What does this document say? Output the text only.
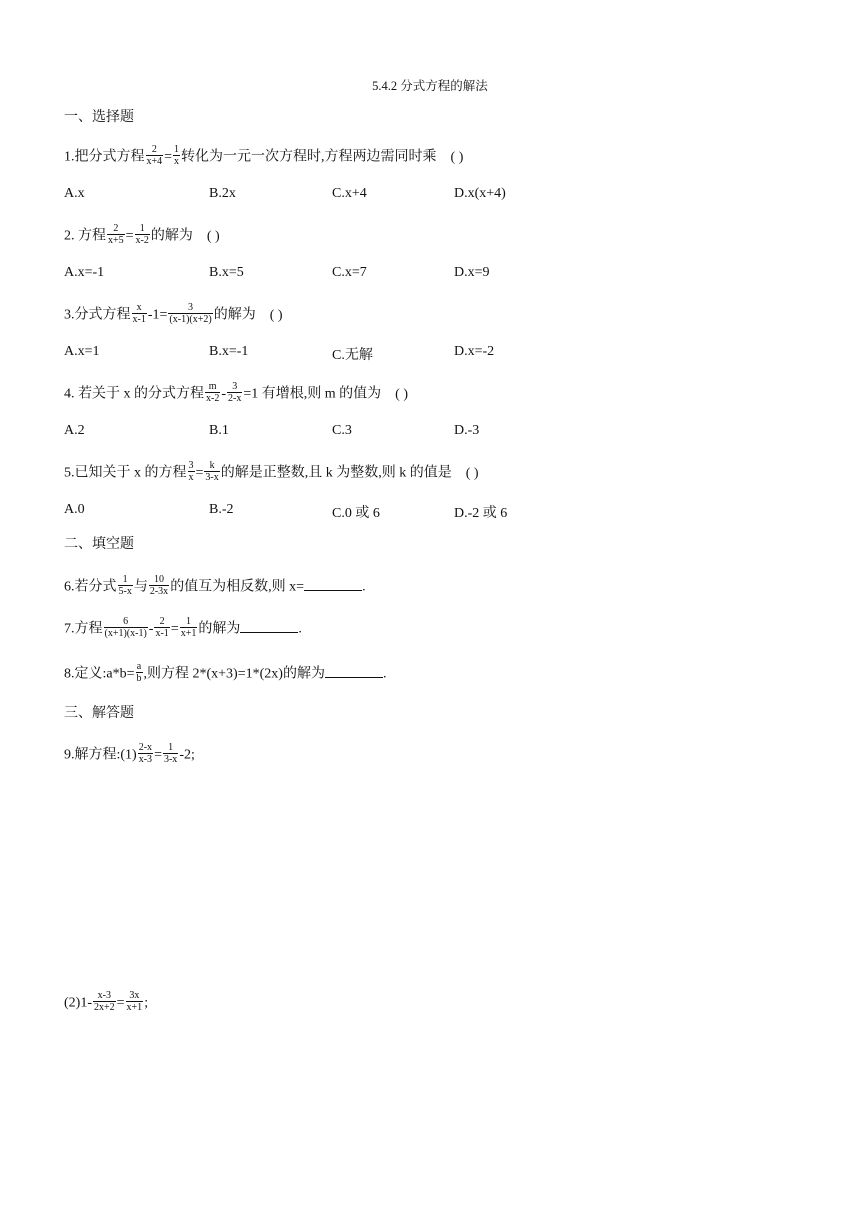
5.4.2 分式方程的解法
一、选择题
1.把分式方程 $\frac{2}{x+4} = \frac{1}{x}$ 转化为一元一次方程时,方程两边需同时乘 ( )
A.x	B.2x	C.x+4	D.x(x+4)
2. 方程 $\frac{2}{x+5} = \frac{1}{x-2}$ 的解为 ( )
A.x=-1	B.x=5	C.x=7	D.x=9
3.分式方程 $\frac{x}{x-1} -1= \frac{3}{(x-1)(x+2)}$ 的解为 ( )
A.x=1	B.x=-1	C.无解	D.x=-2
4. 若关于 x 的分式方程 $\frac{m}{x-2} - \frac{3}{2-x} =1$ 有增根,则 m 的值为 ( )
A.2	B.1	C.3	D.-3
5.已知关于 x 的方程 $\frac{3}{x} = \frac{k}{3-x}$ 的解是正整数,且 k 为整数,则 k 的值是 ( )
A.0	B.-2	C.0 或 6	D.-2 或 6
二、填空题
6.若分式 $\frac{1}{5-x}$ 与 $\frac{10}{2-3x}$ 的值互为相反数,则 x=	.
7.方程 $\frac{6}{(x+1)(x-1)} - \frac{2}{x-1} = \frac{1}{x+1}$ 的解为	.
8.定义:a*b= $\frac{a}{b}$ ,则方程 2*(x+3)=1*(2x)的解为	.
三、解答题
9.解方程:(1) $\frac{2-x}{x-3} = \frac{1}{3-x} -2$;
$(2)1- \frac{x-3}{2x+2} = \frac{3x}{x+1}$ ;
